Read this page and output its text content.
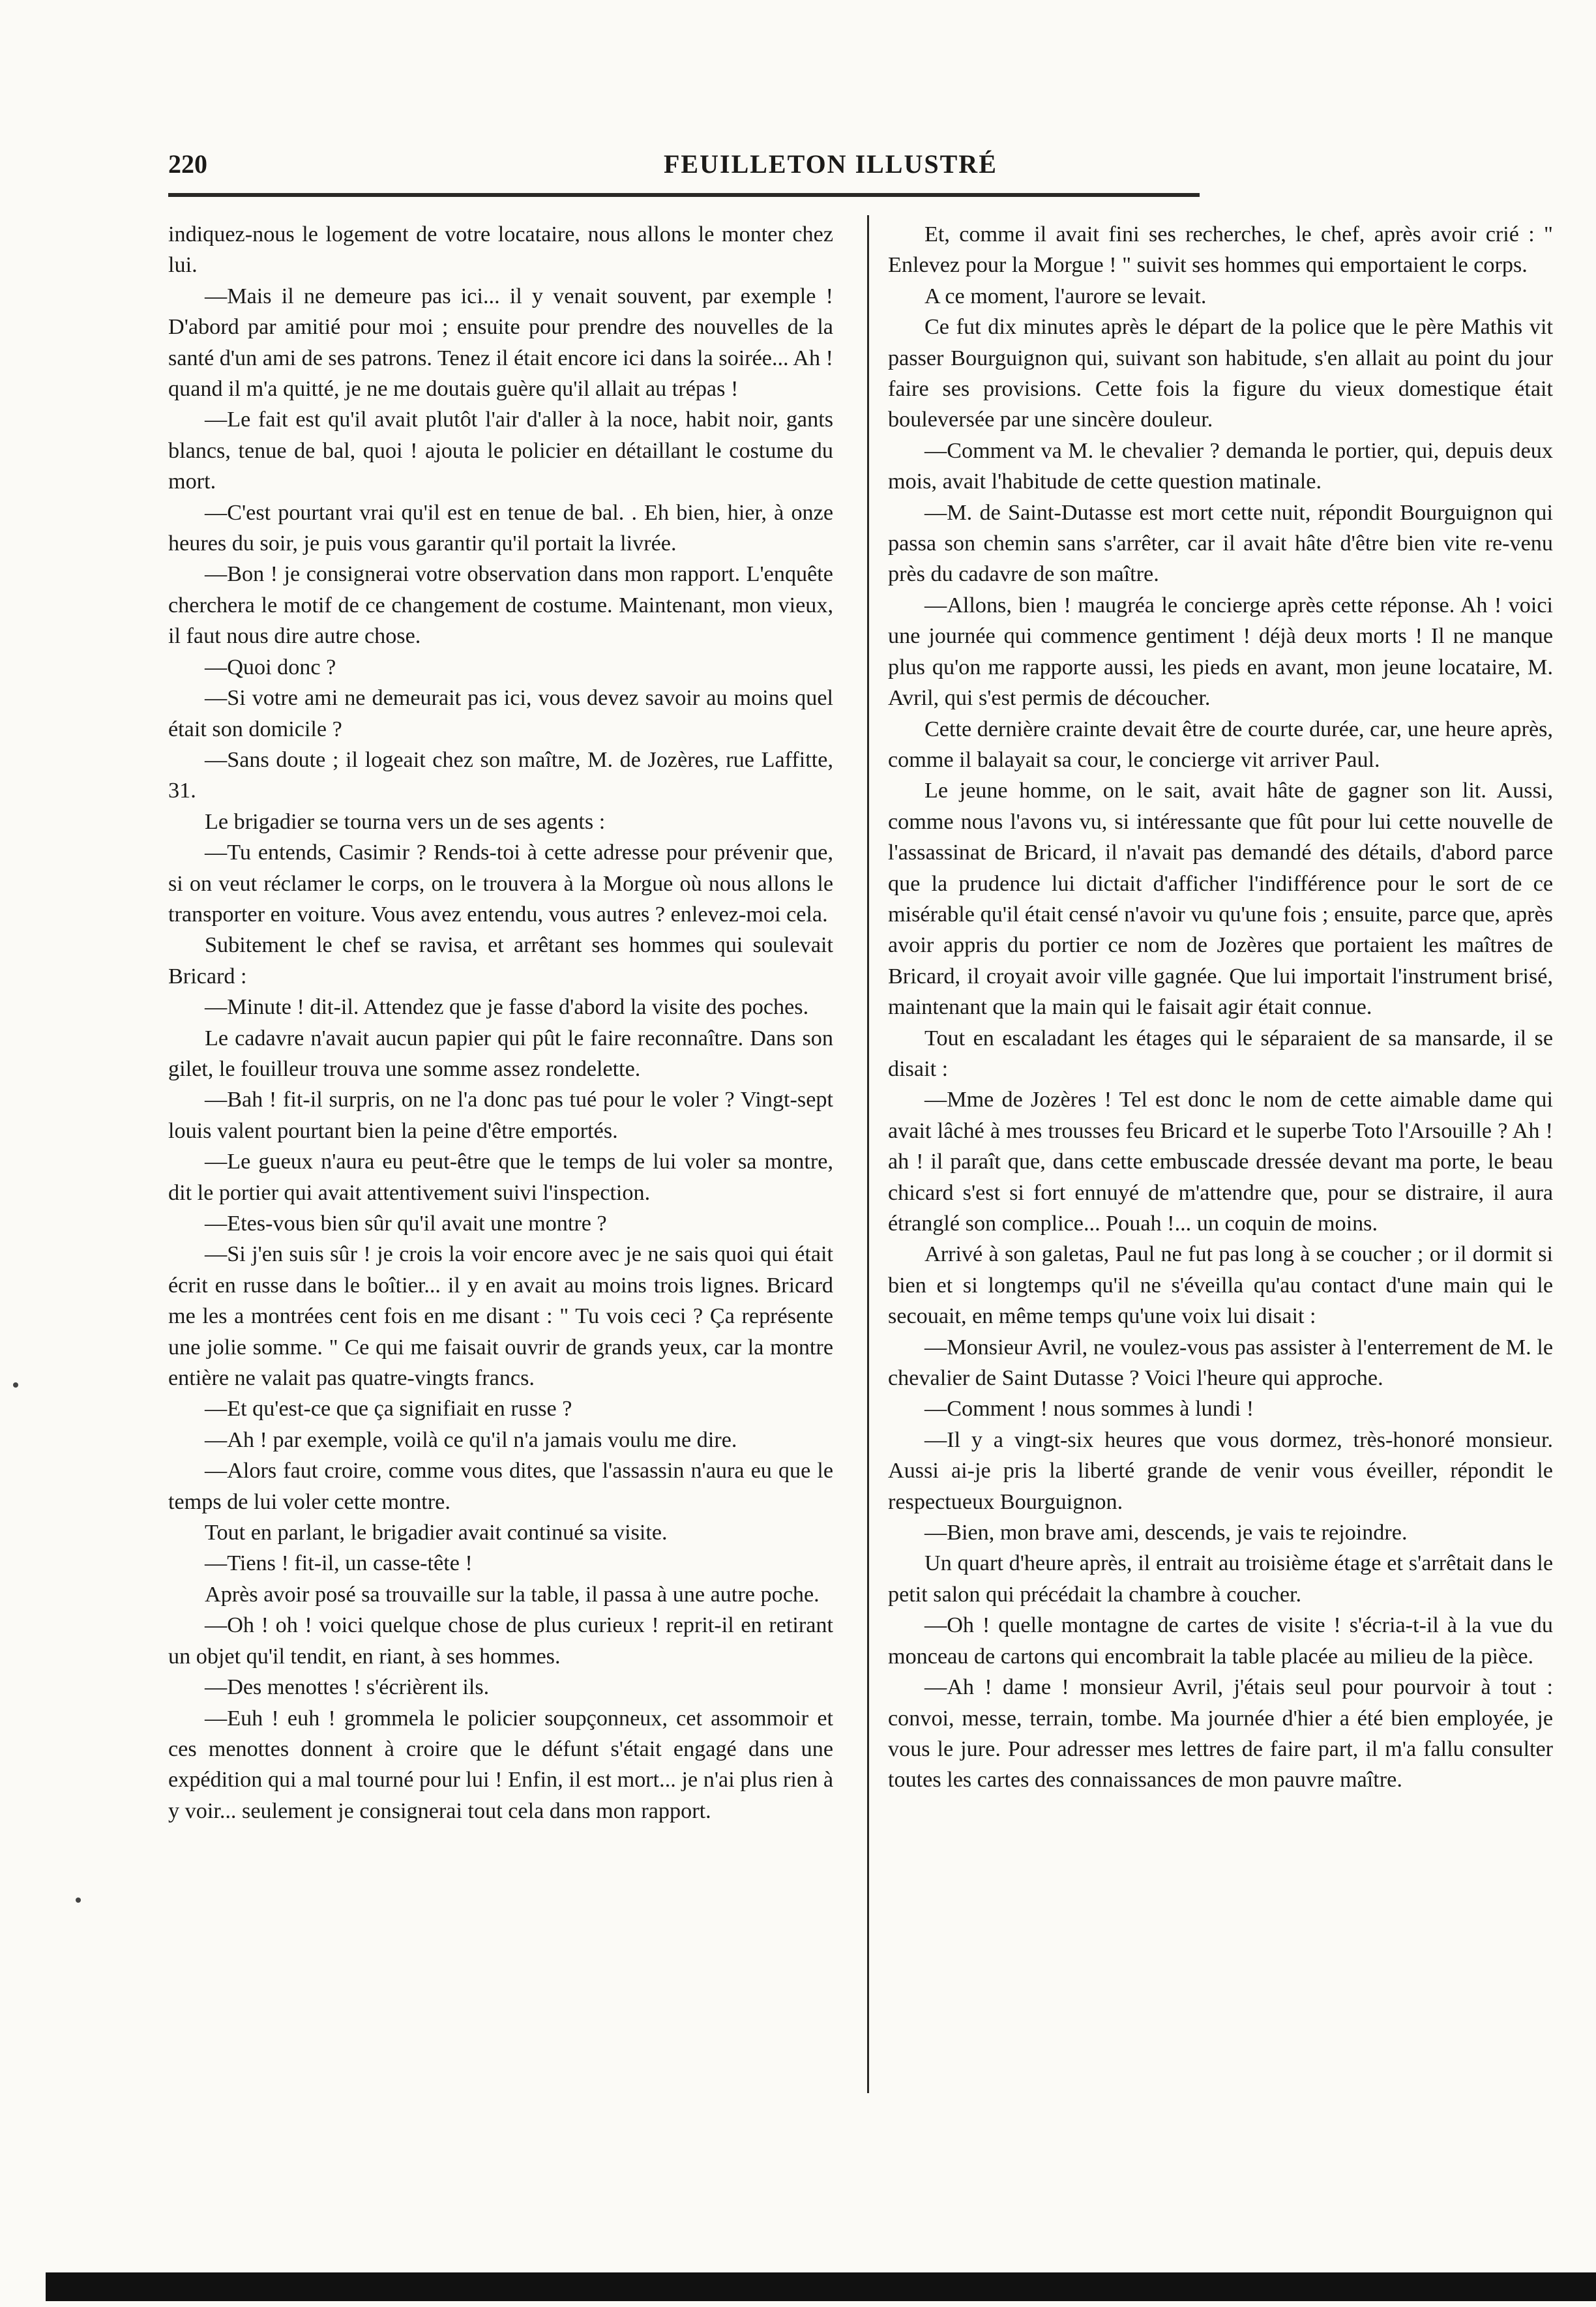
220	FEUILLETON ILLUSTRÉ

indiquez-nous le logement de votre locataire, nous allons le monter chez lui.

—Mais il ne demeure pas ici... il y venait souvent, par exemple ! D'abord par amitié pour moi ; ensuite pour prendre des nouvelles de la santé d'un ami de ses patrons. Tenez il était encore ici dans la soirée... Ah ! quand il m'a quitté, je ne me doutais guère qu'il allait au trépas !

—Le fait est qu'il avait plutôt l'air d'aller à la noce, habit noir, gants blancs, tenue de bal, quoi ! ajouta le policier en détaillant le costume du mort.

—C'est pourtant vrai qu'il est en tenue de bal. . Eh bien, hier, à onze heures du soir, je puis vous garantir qu'il portait la livrée.

—Bon ! je consignerai votre observation dans mon rapport. L'enquête cherchera le motif de ce changement de costume. Maintenant, mon vieux, il faut nous dire autre chose.

—Quoi donc ?

—Si votre ami ne demeurait pas ici, vous devez savoir au moins quel était son domicile ?

—Sans doute ; il logeait chez son maître, M. de Jozères, rue Laffitte, 31.

Le brigadier se tourna vers un de ses agents :

—Tu entends, Casimir ? Rends-toi à cette adresse pour prévenir que, si on veut réclamer le corps, on le trouvera à la Morgue où nous allons le transporter en voiture. Vous avez entendu, vous autres ? enlevez-moi cela.

Subitement le chef se ravisa, et arrêtant ses hommes qui soulevait Bricard :

—Minute ! dit-il. Attendez que je fasse d'abord la visite des poches.

Le cadavre n'avait aucun papier qui pût le faire reconnaître. Dans son gilet, le fouilleur trouva une somme assez rondelette.

—Bah ! fit-il surpris, on ne l'a donc pas tué pour le voler ? Vingt-sept louis valent pourtant bien la peine d'être emportés.

—Le gueux n'aura eu peut-être que le temps de lui voler sa montre, dit le portier qui avait attentivement suivi l'inspection.

—Etes-vous bien sûr qu'il avait une montre ?

—Si j'en suis sûr ! je crois la voir encore avec je ne sais quoi qui était écrit en russe dans le boîtier... il y en avait au moins trois lignes. Bricard me les a montrées cent fois en me disant : " Tu vois ceci ? Ça représente une jolie somme. " Ce qui me faisait ouvrir de grands yeux, car la montre entière ne valait pas quatre-vingts francs.

—Et qu'est-ce que ça signifiait en russe ?

—Ah ! par exemple, voilà ce qu'il n'a jamais voulu me dire.

—Alors faut croire, comme vous dites, que l'assassin n'aura eu que le temps de lui voler cette montre.

Tout en parlant, le brigadier avait continué sa visite.

—Tiens ! fit-il, un casse-tête !

Après avoir posé sa trouvaille sur la table, il passa à une autre poche.

—Oh ! oh ! voici quelque chose de plus curieux ! reprit-il en retirant un objet qu'il tendit, en riant, à ses hommes.

—Des menottes ! s'écrièrent ils.

—Euh ! euh ! grommela le policier soupçonneux, cet assommoir et ces menottes donnent à croire que le défunt s'était engagé dans une expédition qui a mal tourné pour lui ! Enfin, il est mort... je n'ai plus rien à y voir... seulement je consignerai tout cela dans mon rapport.

Et, comme il avait fini ses recherches, le chef, après avoir crié : " Enlevez pour la Morgue ! " suivit ses hommes qui emportaient le corps.

A ce moment, l'aurore se levait.

Ce fut dix minutes après le départ de la police que le père Mathis vit passer Bourguignon qui, suivant son habitude, s'en allait au point du jour faire ses provisions. Cette fois la figure du vieux domestique était bouleversée par une sincère douleur.

—Comment va M. le chevalier ? demanda le portier, qui, depuis deux mois, avait l'habitude de cette question matinale.

—M. de Saint-Dutasse est mort cette nuit, répondit Bourguignon qui passa son chemin sans s'arrêter, car il avait hâte d'être bien vite re-venu près du cadavre de son maître.

—Allons, bien ! maugréa le concierge après cette réponse. Ah ! voici une journée qui commence gentiment ! déjà deux morts ! Il ne manque plus qu'on me rapporte aussi, les pieds en avant, mon jeune locataire, M. Avril, qui s'est permis de découcher.

Cette dernière crainte devait être de courte durée, car, une heure après, comme il balayait sa cour, le concierge vit arriver Paul.

Le jeune homme, on le sait, avait hâte de gagner son lit. Aussi, comme nous l'avons vu, si intéressante que fût pour lui cette nouvelle de l'assassinat de Bricard, il n'avait pas demandé des détails, d'abord parce que la prudence lui dictait d'afficher l'indifférence pour le sort de ce misérable qu'il était censé n'avoir vu qu'une fois ; ensuite, parce que, après avoir appris du portier ce nom de Jozères que portaient les maîtres de Bricard, il croyait avoir ville gagnée. Que lui importait l'instrument brisé, maintenant que la main qui le faisait agir était connue.

Tout en escaladant les étages qui le séparaient de sa mansarde, il se disait :

—Mme de Jozères ! Tel est donc le nom de cette aimable dame qui avait lâché à mes trousses feu Bricard et le superbe Toto l'Arsouille ? Ah ! ah ! il paraît que, dans cette embuscade dressée devant ma porte, le beau chicard s'est si fort ennuyé de m'attendre que, pour se distraire, il aura étranglé son complice... Pouah !... un coquin de moins.

Arrivé à son galetas, Paul ne fut pas long à se coucher ; or il dormit si bien et si longtemps qu'il ne s'éveilla qu'au contact d'une main qui le secouait, en même temps qu'une voix lui disait :

—Monsieur Avril, ne voulez-vous pas assister à l'enterrement de M. le chevalier de Saint Dutasse ? Voici l'heure qui approche.

—Comment ! nous sommes à lundi !

—Il y a vingt-six heures que vous dormez, très-honoré monsieur. Aussi ai-je pris la liberté grande de venir vous éveiller, répondit le respectueux Bourguignon.

—Bien, mon brave ami, descends, je vais te rejoindre.

Un quart d'heure après, il entrait au troisième étage et s'arrêtait dans le petit salon qui précédait la chambre à coucher.

—Oh ! quelle montagne de cartes de visite ! s'écria-t-il à la vue du monceau de cartons qui encombrait la table placée au milieu de la pièce.

—Ah ! dame ! monsieur Avril, j'étais seul pour pourvoir à tout : convoi, messe, terrain, tombe. Ma journée d'hier a été bien employée, je vous le jure. Pour adresser mes lettres de faire part, il m'a fallu consulter toutes les cartes des connaissances de mon pauvre maître.
